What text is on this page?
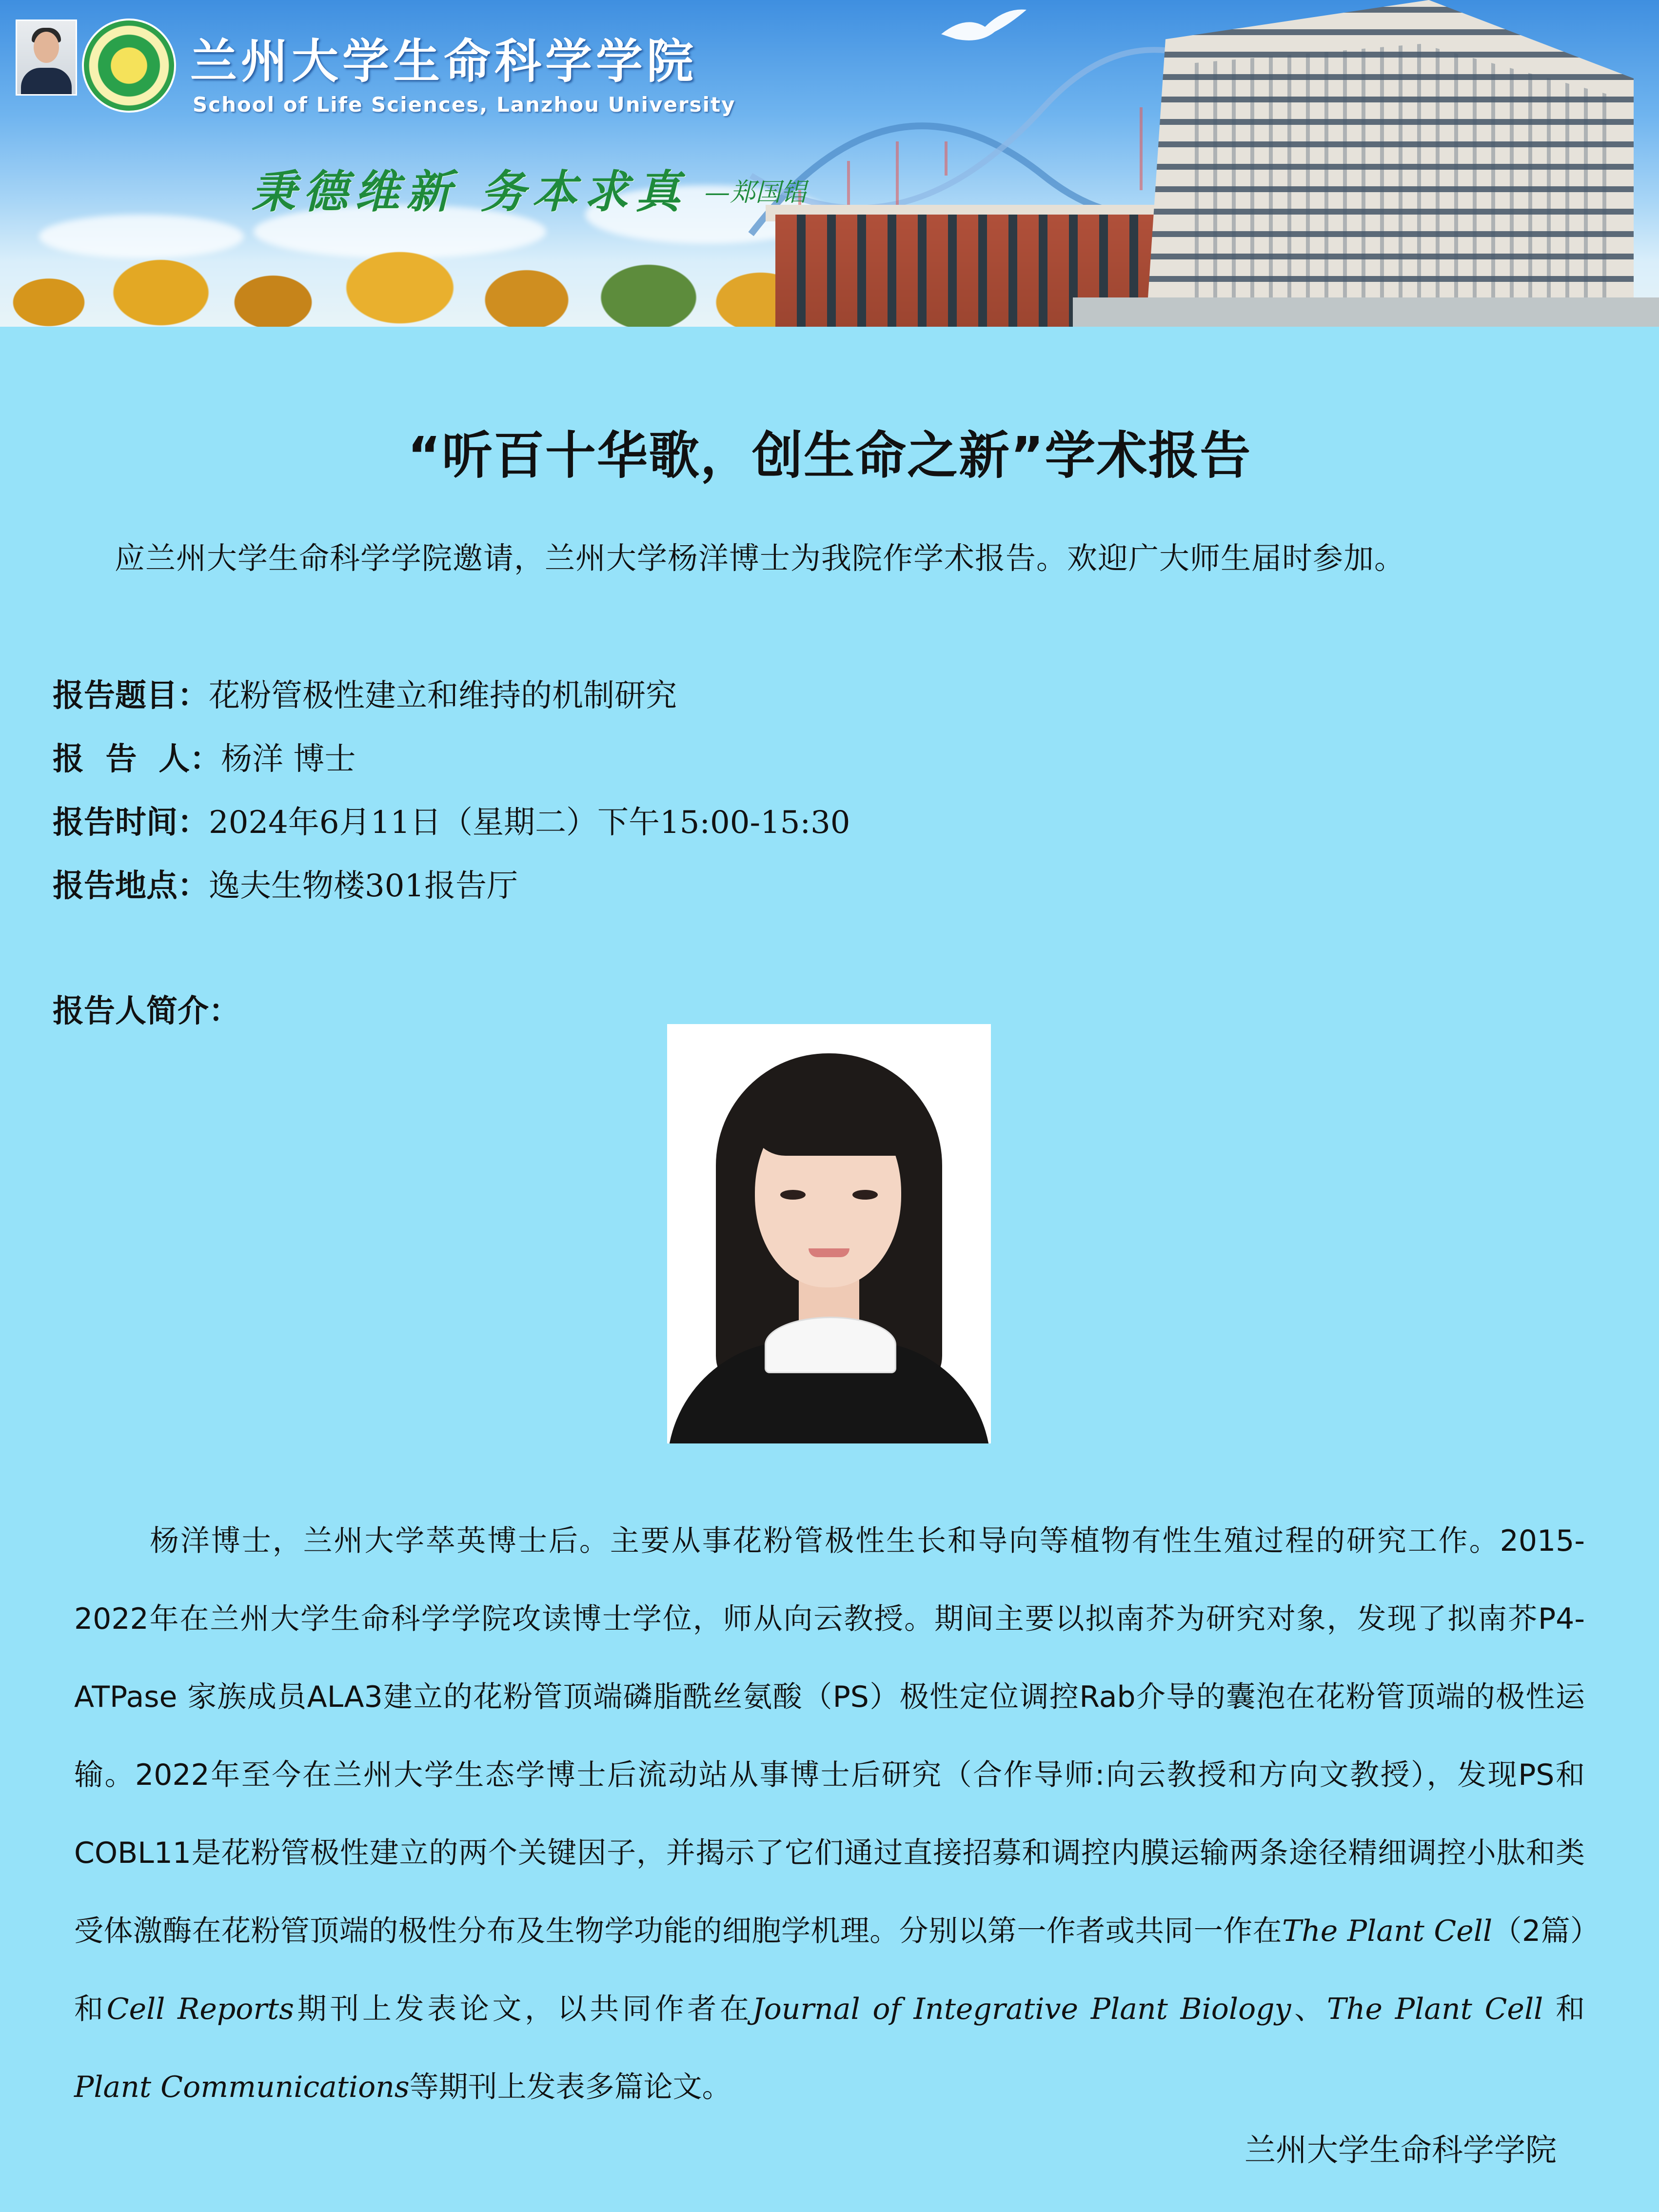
兰州大学生命科学学院
School of Life Sciences, Lanzhou University
秉德维新 务本求真 —郑国锠
“听百十华歌，创生命之新”学术报告
应兰州大学生命科学学院邀请，兰州大学杨洋博士为我院作学术报告。欢迎广大师生届时参加。
报告题目：花粉管极性建立和维持的机制研究
报  告  人：杨洋 博士
报告时间：2024年6月11日（星期二）下午15:00-15:30
报告地点：逸夫生物楼301报告厅
报告人简介：
杨洋博士，兰州大学萃英博士后。主要从事花粉管极性生长和导向等植物有性生殖过程的研究工作。2015-2022年在兰州大学生命科学学院攻读博士学位，师从向云教授。期间主要以拟南芥为研究对象，发现了拟南芥P4-ATPase 家族成员ALA3建立的花粉管顶端磷脂酰丝氨酸（PS）极性定位调控Rab介导的囊泡在花粉管顶端的极性运输。2022年至今在兰州大学生态学博士后流动站从事博士后研究（合作导师:向云教授和方向文教授），发现PS和COBL11是花粉管极性建立的两个关键因子，并揭示了它们通过直接招募和调控内膜运输两条途径精细调控小肽和类受体激酶在花粉管顶端的极性分布及生物学功能的细胞学机理。分别以第一作者或共同一作在The Plant Cell（2篇）和Cell Reports期刊上发表论文，以共同作者在Journal of Integrative Plant Biology、The Plant Cell 和 Plant Communications等期刊上发表多篇论文。
兰州大学生命科学学院
